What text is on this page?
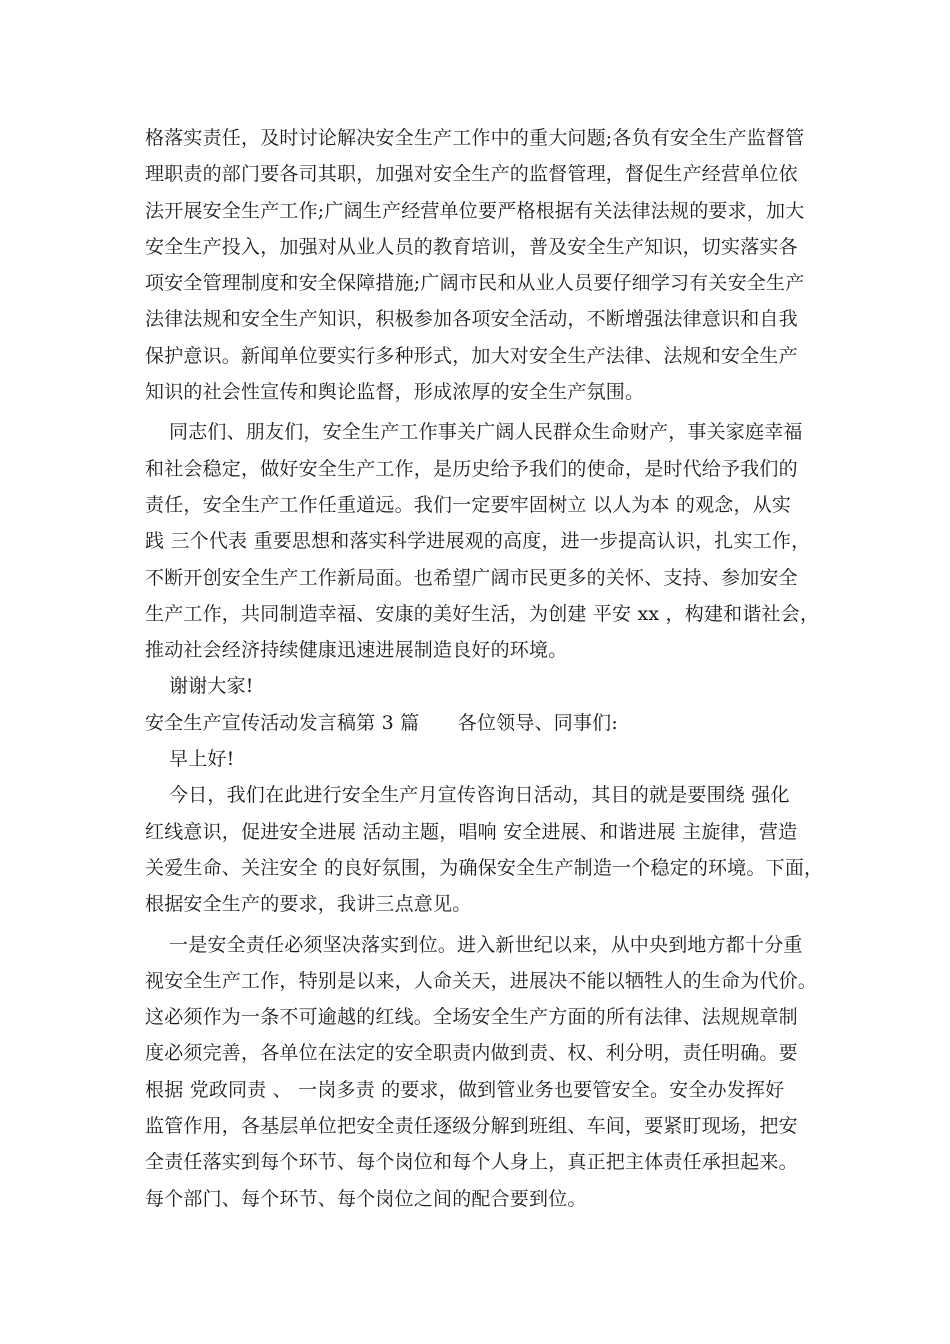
格落实责任，及时讨论解决安全生产工作中的重大问题;各负有安全生产监督管
理职责的部门要各司其职，加强对安全生产的监督管理，督促生产经营单位依
法开展安全生产工作;广阔生产经营单位要严格根据有关法律法规的要求，加大
安全生产投入，加强对从业人员的教育培训，普及安全生产知识，切实落实各
项安全管理制度和安全保障措施;广阔市民和从业人员要仔细学习有关安全生产
法律法规和安全生产知识，积极参加各项安全活动，不断增强法律意识和自我
保护意识。新闻单位要实行多种形式，加大对安全生产法律、法规和安全生产
知识的社会性宣传和舆论监督，形成浓厚的安全生产氛围。
同志们、朋友们，安全生产工作事关广阔人民群众生命财产，事关家庭幸福
和社会稳定，做好安全生产工作，是历史给予我们的使命，是时代给予我们的
责任，安全生产工作任重道远。我们一定要牢固树立 以人为本 的观念，从实
践 三个代表 重要思想和落实科学进展观的高度，进一步提高认识，扎实工作，
不断开创安全生产工作新局面。也希望广阔市民更多的关怀、支持、参加安全
生产工作，共同制造幸福、安康的美好生活，为创建 平安 xx ，构建和谐社会，
推动社会经济持续健康迅速进展制造良好的环境。
谢谢大家!
安全生产宣传活动发言稿第 3 篇　　各位领导、同事们:
早上好!
今日，我们在此进行安全生产月宣传咨询日活动，其目的就是要围绕 强化
红线意识，促进安全进展 活动主题，唱响 安全进展、和谐进展 主旋律，营造
关爱生命、关注安全 的良好氛围，为确保安全生产制造一个稳定的环境。下面，
根据安全生产的要求，我讲三点意见。
一是安全责任必须坚决落实到位。进入新世纪以来，从中央到地方都十分重
视安全生产工作，特别是以来，人命关天，进展决不能以牺牲人的生命为代价。
这必须作为一条不可逾越的红线。全场安全生产方面的所有法律、法规规章制
度必须完善，各单位在法定的安全职责内做到责、权、利分明，责任明确。要
根据 党政同责 、 一岗多责 的要求，做到管业务也要管安全。安全办发挥好
监管作用，各基层单位把安全责任逐级分解到班组、车间，要紧盯现场，把安
全责任落实到每个环节、每个岗位和每个人身上，真正把主体责任承担起来。
每个部门、每个环节、每个岗位之间的配合要到位。
